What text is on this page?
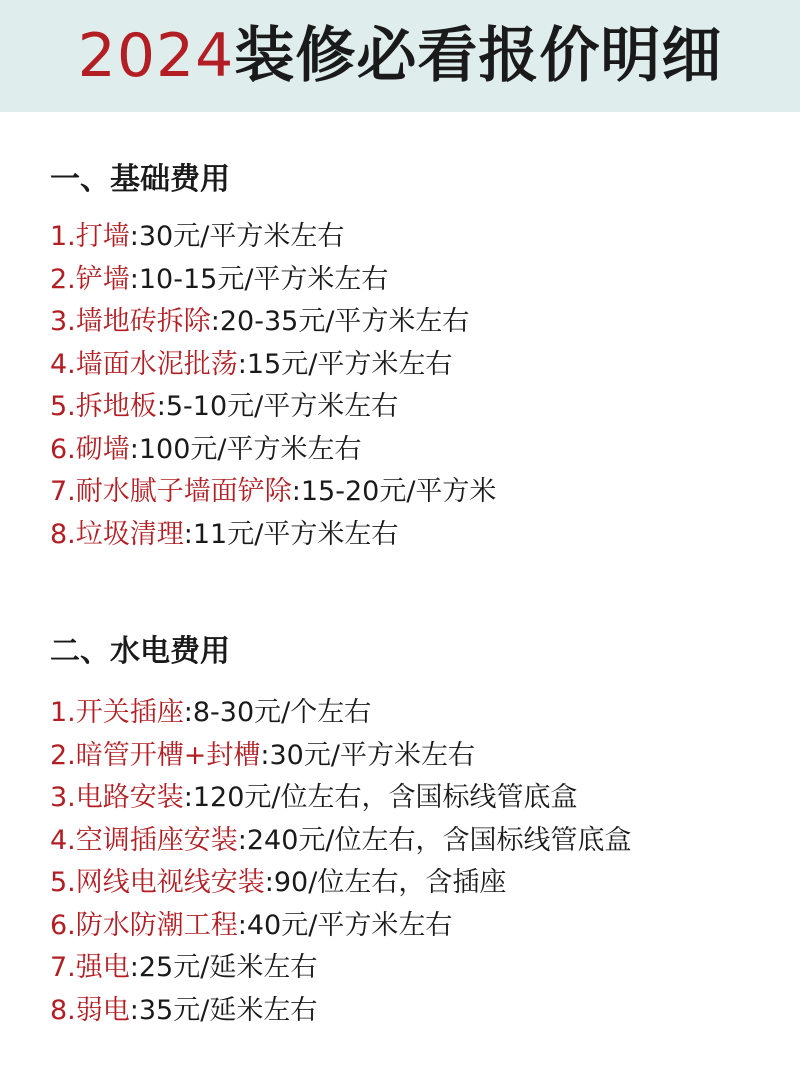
2024装修必看报价明细
一、基础费用
1.打墙:30元/平方米左右
2.铲墙:10-15元/平方米左右
3.墙地砖拆除:20-35元/平方米左右
4.墙面水泥批荡:15元/平方米左右
5.拆地板:5-10元/平方米左右
6.砌墙:100元/平方米左右
7.耐水腻子墙面铲除:15-20元/平方米
8.垃圾清理:11元/平方米左右
二、水电费用
1.开关插座:8-30元/个左右
2.暗管开槽+封槽:30元/平方米左右
3.电路安装:120元/位左右，含国标线管底盒
4.空调插座安装:240元/位左右，含国标线管底盒
5.网线电视线安装:90/位左右，含插座
6.防水防潮工程:40元/平方米左右
7.强电:25元/延米左右
8.弱电:35元/延米左右
